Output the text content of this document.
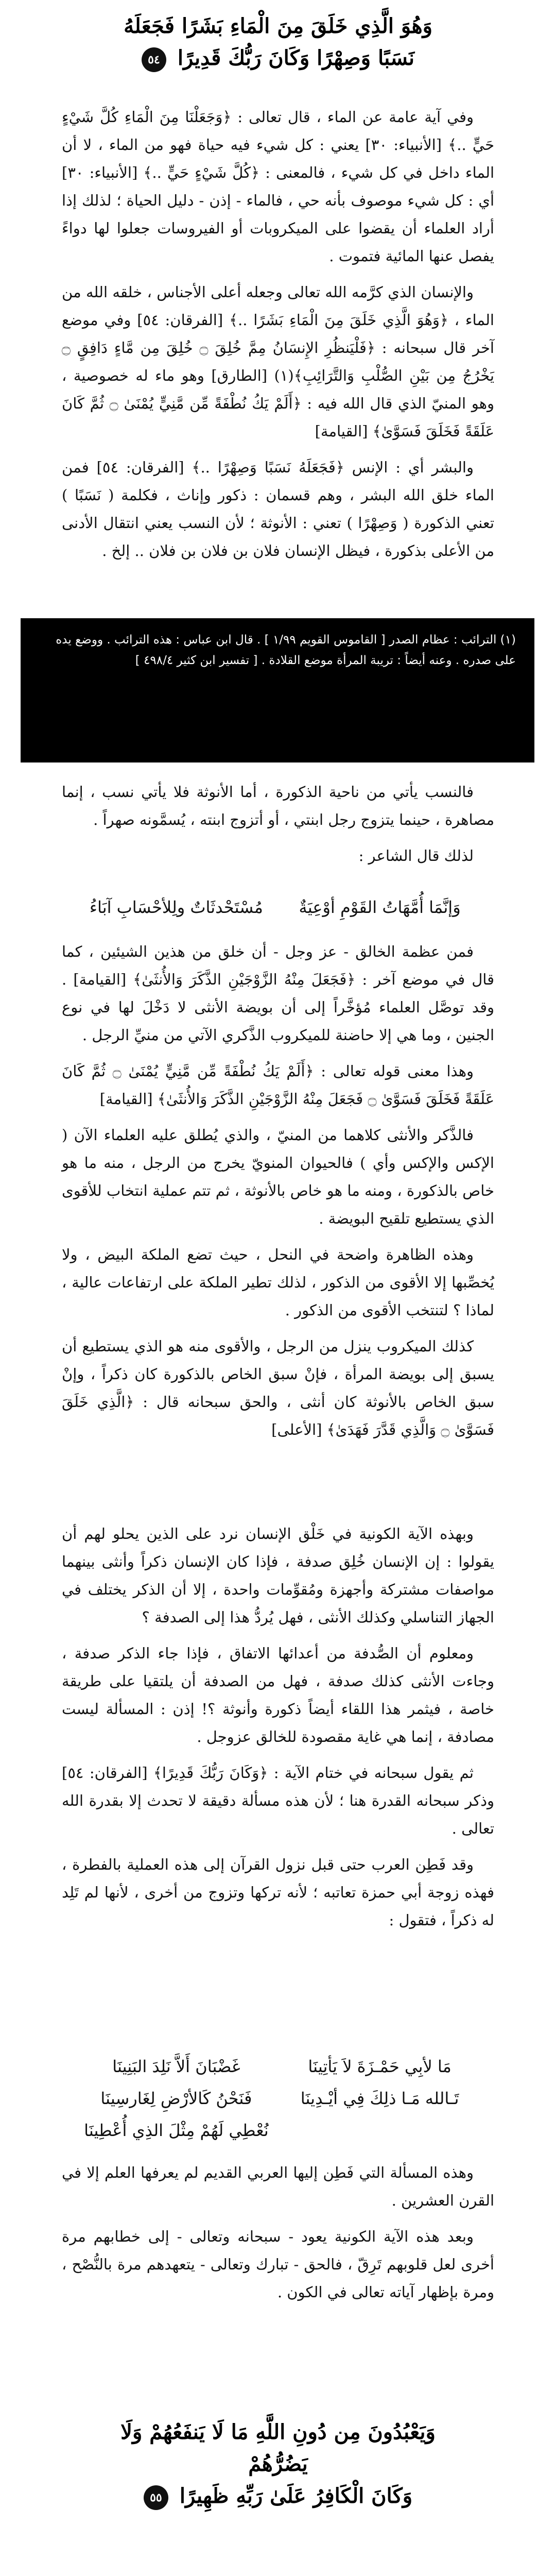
وَهُوَ الَّذِي خَلَقَ مِنَ الْمَاءِ بَشَرًا فَجَعَلَهُ
نَسَبًا وَصِهْرًا وَكَانَ رَبُّكَ قَدِيرًا ٥٤

وفي آية عامة عن الماء ، قال تعالى : ﴿وَجَعَلْنَا مِنَ الْمَاءِ كُلَّ شَيْءٍ حَيٍّ ..﴾ [الأنبياء: ٣٠] يعني : كل شيء فيه حياة فهو من الماء ، لا أن الماء داخل في كل شيء ، فالمعنى : ﴿كُلَّ شَيْءٍ حَيٍّ ..﴾ [الأنبياء: ٣٠] أي : كل شيء موصوف بأنه حي ، فالماء - إذن - دليل الحياة ؛ لذلك إذا أراد العلماء أن يقضوا على الميكروبات أو الفيروسات جعلوا لها دواءً يفصل عنها المائية فتموت .

والإنسان الذي كرَّمه الله تعالى وجعله أعلى الأجناس ، خلقه الله من الماء ، ﴿وَهُوَ الَّذِي خَلَقَ مِنَ الْمَاءِ بَشَرًا ..﴾ [الفرقان: ٥٤] وفي موضع آخر قال سبحانه : ﴿فَلْيَنظُرِ الإِنسَانُ مِمَّ خُلِقَ ۝ خُلِقَ مِن مَّاءٍ دَافِقٍ ۝ يَخْرُجُ مِن بَيْنِ الصُّلْبِ وَالتَّرَائِبِ﴾(١) [الطارق] وهو ماء له خصوصية ، وهو المنيّ الذي قال الله فيه : ﴿أَلَمْ يَكُ نُطْفَةً مِّن مَّنِيٍّ يُمْنَىٰ ۝ ثُمَّ كَانَ عَلَقَةً فَخَلَقَ فَسَوَّىٰ﴾ [القيامة]

والبشر أي : الإنس ﴿فَجَعَلَهُ نَسَبًا وَصِهْرًا ..﴾ [الفرقان: ٥٤] فمن الماء خلق الله البشر ، وهم قسمان : ذكور وإناث ، فكلمة ( نَسَبًا ) تعني الذكورة ( وَصِهْرًا ) تعني : الأنوثة ؛ لأن النسب يعني انتقال الأدنى من الأعلى بذكورة ، فيظل الإنسان فلان بن فلان بن فلان .. إلخ .

(١) الترائب : عظام الصدر [ القاموس القويم ١/٩٩ ] . قال ابن عباس : هذه الترائب . ووضع يده على صدره . وعنه أيضاً : تريبة المرأة موضع القلادة . [ تفسير ابن كثير ٤٩٨/٤ ]

فالنسب يأتي من ناحية الذكورة ، أما الأنوثة فلا يأتي نسب ، إنما مصاهرة ، حينما يتزوج رجل ابنتي ، أو أتزوج ابنته ، يُسمَّونه صهراً .

لذلك قال الشاعر :

وَإنَّمَا أُمَّهَاتُ القَوْمِ أوْعِيَةٌ
مُسْتَحْدثَاتٌ ولِلأحْسَابِ آبَاءُ

فمن عظمة الخالق - عز وجل - أن خلق من هذين الشيئين ، كما قال في موضع آخر : ﴿فَجَعَلَ مِنْهُ الزَّوْجَيْنِ الذَّكَرَ وَالأُنثَىٰ﴾ [القيامة] . وقد توصَّل العلماء مُؤخَّراً إلى أن بويضة الأنثى لا دَخْلَ لها في نوع الجنين ، وما هي إلا حاضنة للميكروب الذَّكري الآتي من منيِّ الرجل .

وهذا معنى قوله تعالى : ﴿أَلَمْ يَكُ نُطْفَةً مِّن مَّنِيٍّ يُمْنَىٰ ۝ ثُمَّ كَانَ عَلَقَةً فَخَلَقَ فَسَوَّىٰ ۝ فَجَعَلَ مِنْهُ الزَّوْجَيْنِ الذَّكَرَ وَالأُنثَىٰ﴾ [القيامة]

فالذَّكر والأنثى كلاهما من المنيّ ، والذي يُطلق عليه العلماء الآن ( الإكس والإكس وأي ) فالحيوان المنويّ يخرج من الرجل ، منه ما هو خاص بالذكورة ، ومنه ما هو خاص بالأنوثة ، ثم تتم عملية انتخاب للأقوى الذي يستطيع تلقيح البويضة .

وهذه الظاهرة واضحة في النحل ، حيث تضع الملكة البيض ، ولا يُخصِّبها إلا الأقوى من الذكور ، لذلك تطير الملكة على ارتفاعات عالية ، لماذا ؟ لتنتخب الأقوى من الذكور .

كذلك الميكروب ينزل من الرجل ، والأقوى منه هو الذي يستطيع أن يسبق إلى بويضة المرأة ، فإنْ سبق الخاص بالذكورة كان ذكراً ، وإنْ سبق الخاص بالأنوثة كان أنثى ، والحق سبحانه قال : ﴿الَّذِي خَلَقَ فَسَوَّىٰ ۝ وَالَّذِي قَدَّرَ فَهَدَىٰ﴾ [الأعلى]

وبهذه الآية الكونية في خَلْق الإنسان نرد على الذين يحلو لهم أن يقولوا : إن الإنسان خُلِق صدفة ، فإذا كان الإنسان ذكراً وأنثى بينهما مواصفات مشتركة وأجهزة ومُقوِّمات واحدة ، إلا أن الذكر يختلف في الجهاز التناسلي وكذلك الأنثى ، فهل يُردُّ هذا إلى الصدفة ؟

ومعلوم أن الصُّدفة من أعدائها الاتفاق ، فإذا جاء الذكر صدفة ، وجاءت الأنثى كذلك صدفة ، فهل من الصدفة أن يلتقيا على طريقة خاصة ، فيثمر هذا اللقاء أيضاً ذكورة وأنوثة ؟! إذن : المسألة ليست مصادفة ، إنما هي غاية مقصودة للخالق عزوجل .

ثم يقول سبحانه في ختام الآية : ﴿وَكَانَ رَبُّكَ قَدِيرًا﴾ [الفرقان: ٥٤] وذكر سبحانه القدرة هنا ؛ لأن هذه مسألة دقيقة لا تحدث إلا بقدرة الله تعالى .

وقد فَطِن العرب حتى قبل نزول القرآن إلى هذه العملية بالفطرة ، فهذه زوجة أبي حمزة تعاتبه ؛ لأنه تركها وتزوج من أخرى ، لأنها لم تَلِد له ذكراً ، فتقول :

مَا لأبِي حَمْـزَةَ لاَ يَأتِينَا
غَضْبَانَ أَلاَّ نَلِدَ البَنِينَا
تَـالله مَـا ذلِكَ فِي أيْـدِينَا
فَنَحْنُ كَالأرْضِ لِغَارسِينَا
نُعْطِي لَهُمْ مِثْلَ الذِي أُعْطِينَا

وهذه المسألة التي فَطِن إليها العربي القديم لم يعرفها العلم إلا في القرن العشرين .

وبعد هذه الآية الكونية يعود - سبحانه وتعالى - إلى خطابهم مرة أخرى لعل قلوبهم تَرِقّ ، فالحق - تبارك وتعالى - يتعهدهم مرة بالنُّصْح ، ومرة بإظهار آياته تعالى في الكون .

وَيَعْبُدُونَ مِن دُونِ اللَّهِ مَا لَا يَنفَعُهُمْ وَلَا يَضُرُّهُمْ
وَكَانَ الْكَافِرُ عَلَىٰ رَبِّهِ ظَهِيرًا ٥٥
